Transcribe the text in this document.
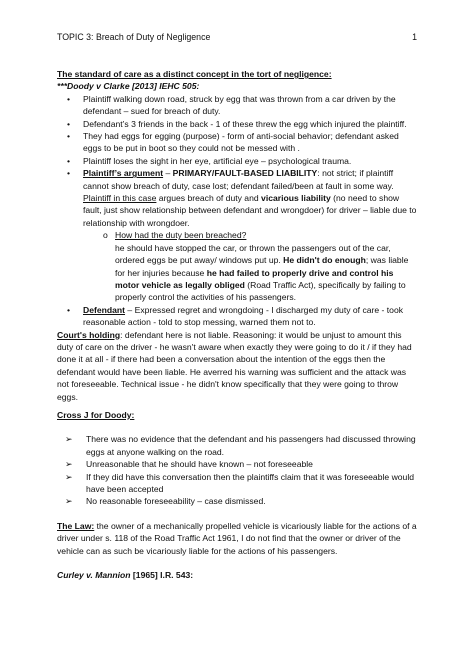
TOPIC 3: Breach of Duty of Negligence	1

The standard of care as a distinct concept in the tort of negligence:

***Doody v Clarke [2013] IEHC 505:

• Plaintiff walking down road, struck by egg that was thrown from a car driven by the defendant – sued for breach of duty.
• Defendant’s 3 friends in the back - 1 of these threw the egg which injured the plaintiff.
• They had eggs for egging (purpose) - form of anti-social behavior; defendant asked eggs to be put in boot so they could not be messed with .
• Plaintiff loses the sight in her eye, artificial eye – psychological trauma.
• Plaintiff’s argument – PRIMARY/FAULT-BASED LIABILITY: not strict; if plaintiff cannot show breach of duty, case lost; defendant failed/been at fault in some way. Plaintiff in this case argues breach of duty and vicarious liability (no need to show fault, just show relationship between defendant and wrongdoer) for driver – liable due to relationship with wrongdoer.
o How had the duty been breached?
he should have stopped the car, or thrown the passengers out of the car, ordered eggs be put away/ windows put up. He didn't do enough; was liable for her injuries because he had failed to properly drive and control his motor vehicle as legally obliged (Road Traffic Act), specifically by failing to properly control the activities of his passengers.
• Defendant – Expressed regret and wrongdoing - I discharged my duty of care - took reasonable action - told to stop messing, warned them not to.

Court's holding: defendant here is not liable. Reasoning: it would be unjust to amount this duty of care on the driver - he wasn't aware when exactly they were going to do it / if they had done it at all - if there had been a conversation about the intention of the eggs then the defendant would have been liable. He averred his warning was sufficient and the attack was not foreseeable. Technical issue - he didn't know specifically that they were going to throw eggs.

Cross J for Doody:

➢ There was no evidence that the defendant and his passengers had discussed throwing eggs at anyone walking on the road.
➢ Unreasonable that he should have known – not foreseeable
➢ If they did have this conversation then the plaintiffs claim that it was foreseeable would have been accepted
➢ No reasonable foreseeability – case dismissed.

The Law: the owner of a mechanically propelled vehicle is vicariously liable for the actions of a driver under s. 118 of the Road Traffic Act 1961, I do not find that the owner or driver of the vehicle can as such be vicariously liable for the actions of his passengers.

Curley v. Mannion [1965] I.R. 543:
